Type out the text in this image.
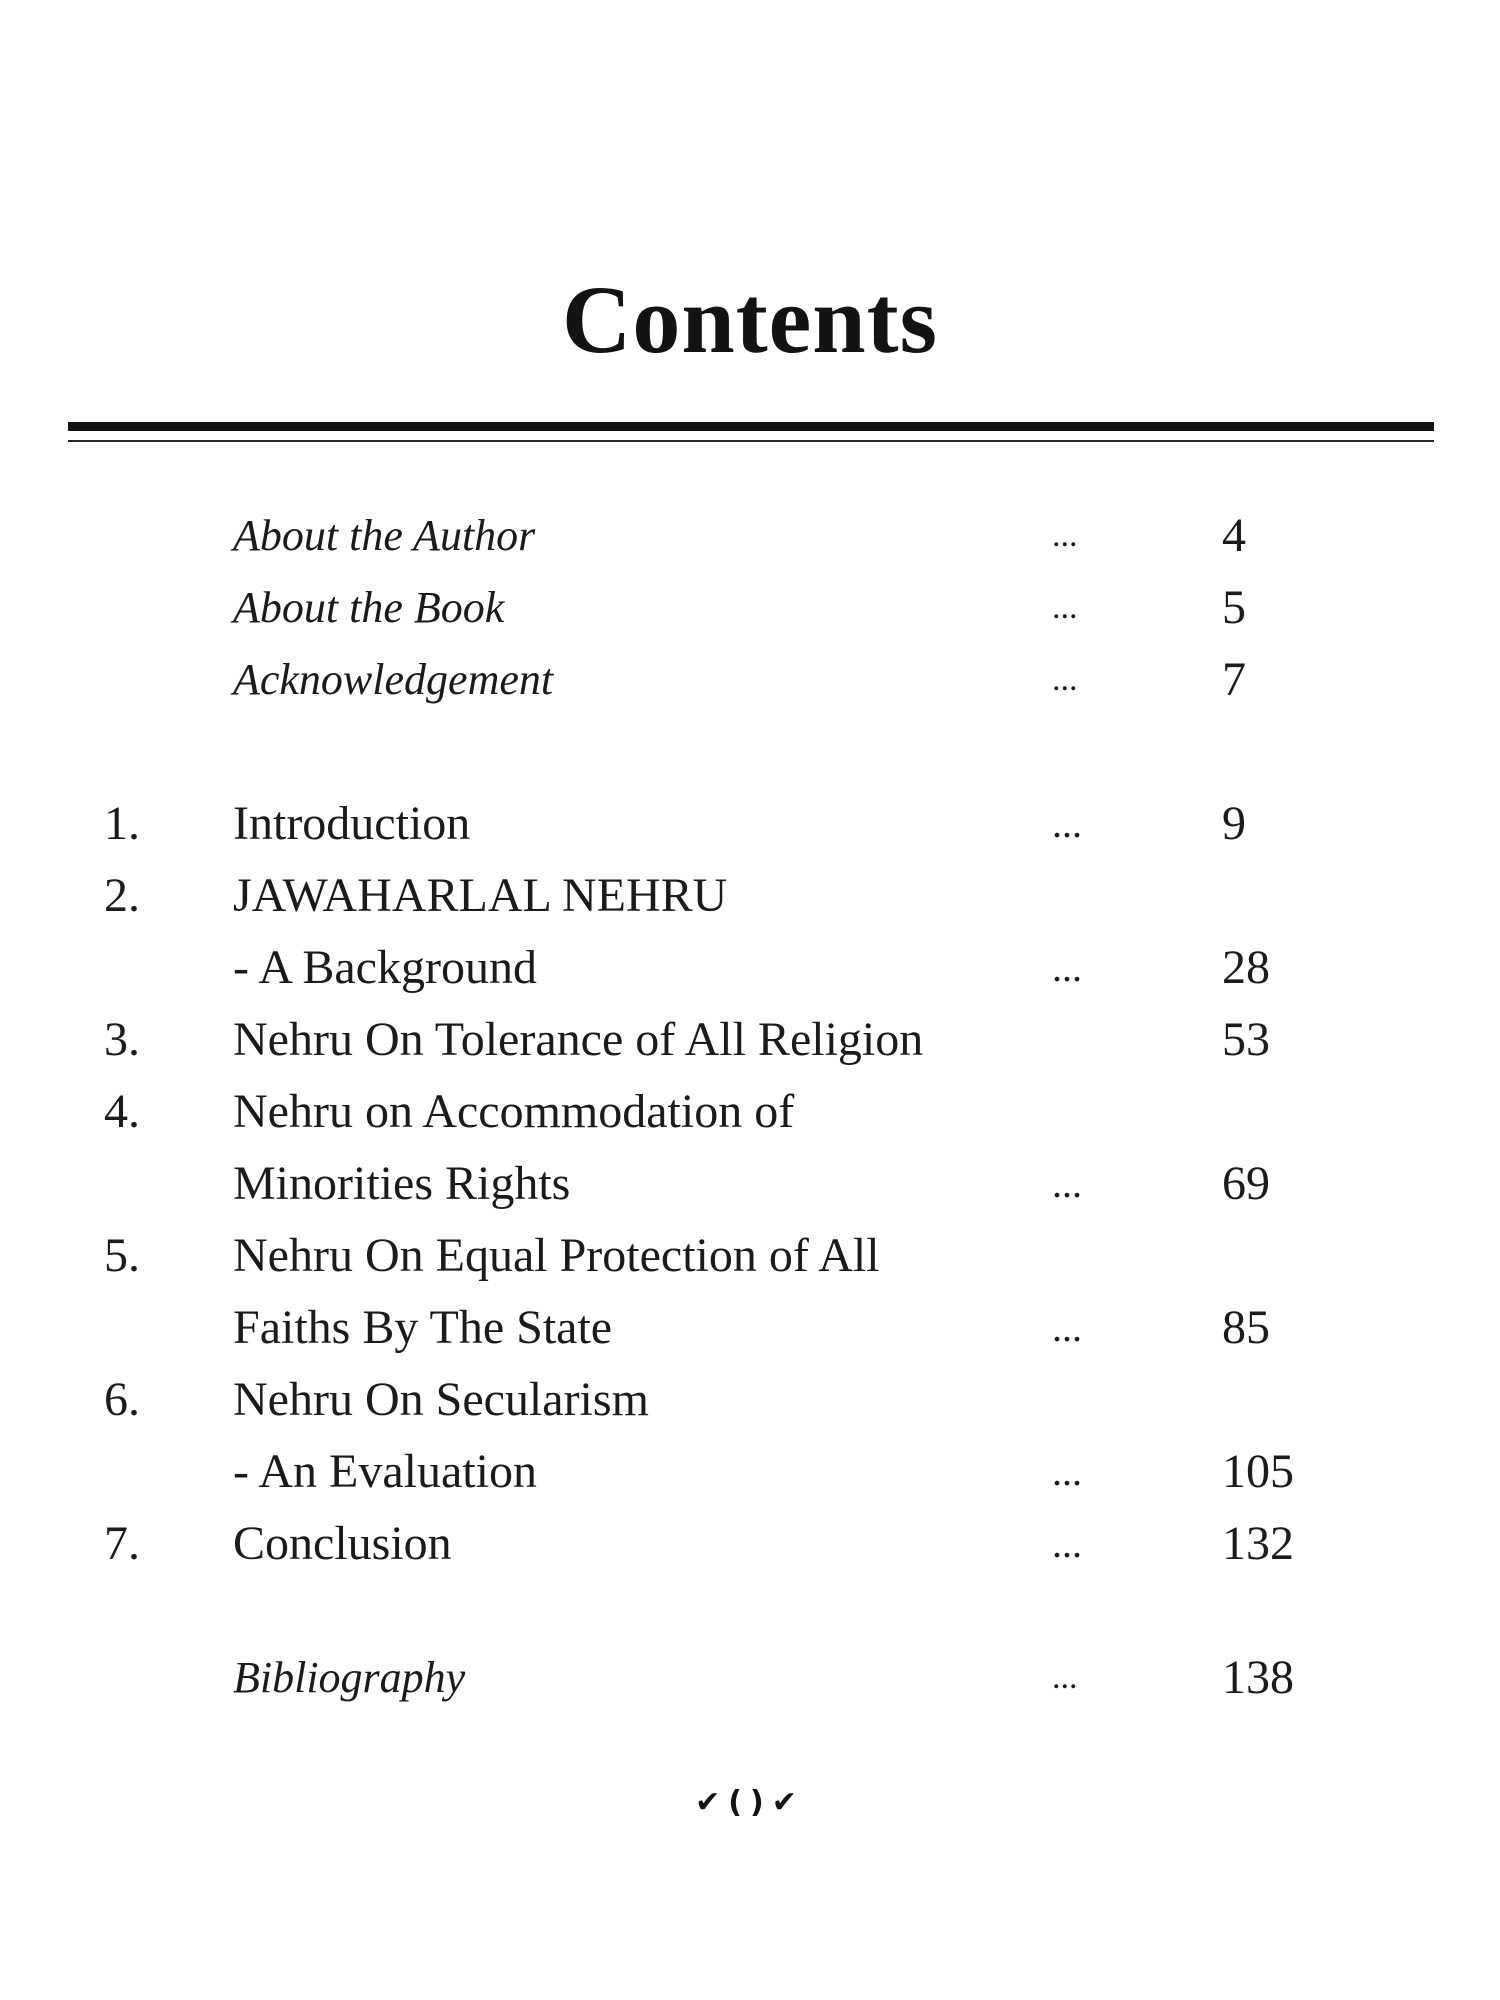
Contents
About the Author	...	4
About the Book	...	5
Acknowledgement	...	7
1. Introduction	...	9
2. JAWAHARLAL NEHRU
- A Background	...	28
3. Nehru On Tolerance of All Religion	53
4. Nehru on Accommodation of
Minorities Rights	...	69
5. Nehru On Equal Protection of All
Faiths By The State	...	85
6. Nehru On Secularism
- An Evaluation	...	105
7. Conclusion	...	132
Bibliography	...	138
✔()✔
